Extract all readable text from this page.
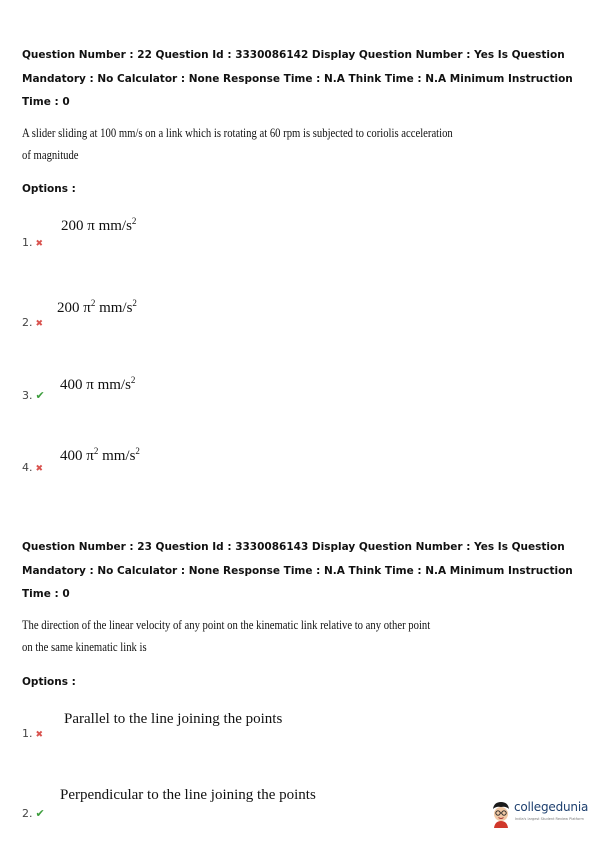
Question Number : 22 Question Id : 3330086142 Display Question Number : Yes Is Question
Mandatory : No Calculator : None Response Time : N.A Think Time : N.A Minimum Instruction
Time : 0
A slider sliding at 100 mm/s on a link which is rotating at 60 rpm is subjected to coriolis acceleration
of magnitude
Options :
200 π $mm/s^2$
1. ✖
200 $\pi^2$ $mm/s^2$
2. ✖
400 π $mm/s^2$
3. ✔
400 $\pi^2$ $mm/s^2$
4. ✖
Question Number : 23 Question Id : 3330086143 Display Question Number : Yes Is Question
Mandatory : No Calculator : None Response Time : N.A Think Time : N.A Minimum Instruction
Time : 0
The direction of the linear velocity of any point on the kinematic link relative to any other point
on the same kinematic link is
Options :
Parallel to the line joining the points
1. ✖
Perpendicular to the line joining the points
2. ✔	collegedunia
India's largest Student Review Platform
